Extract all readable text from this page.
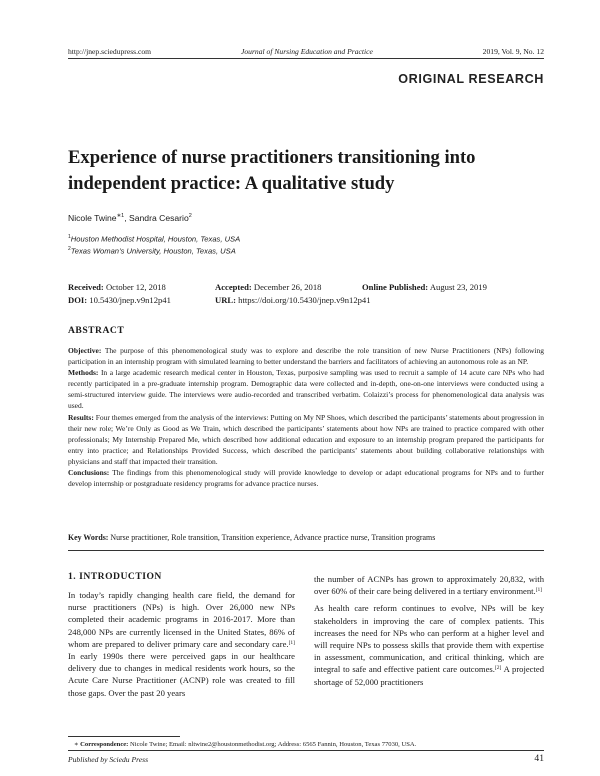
http://jnep.sciedupress.com	Journal of Nursing Education and Practice	2019, Vol. 9, No. 12
ORIGINAL RESEARCH
Experience of nurse practitioners transitioning into independent practice: A qualitative study
Nicole Twine$^{∗1}$, Sandra Cesario$^2$
$^1$Houston Methodist Hospital, Houston, Texas, USA
$^2$Texas Woman’s University, Houston, Texas, USA
Received: October 12, 2018	Accepted: December 26, 2018	Online Published: August 23, 2019
DOI: 10.5430/jnep.v9n12p41	URL: https://doi.org/10.5430/jnep.v9n12p41
ABSTRACT

Objective: The purpose of this phenomenological study was to explore and describe the role transition of new Nurse Practitioners (NPs) following participation in an internship program with simulated learning to better understand the barriers and facilitators of achieving an autonomous role as an NP.

Methods: In a large academic research medical center in Houston, Texas, purposive sampling was used to recruit a sample of 14 acute care NPs who had recently participated in a pre-graduate internship program. Demographic data were collected and in-depth, one-on-one interviews were conducted using a semi-structured interview guide. The interviews were audio-recorded and transcribed verbatim. Colaizzi’s process for phenomenological data analysis was used.

Results: Four themes emerged from the analysis of the interviews: Putting on My NP Shoes, which described the participants’ statements about progression in their new role; We’re Only as Good as We Train, which described the participants’ statements about how NPs are trained to practice compared with other professionals; My Internship Prepared Me, which described how additional education and exposure to an internship program prepared the participants for entry into practice; and Relationships Provided Success, which described the participants’ statements about building collaborative relationships with physicians and staff that impacted their transition.

Conclusions: The findings from this phenomenological study will provide knowledge to develop or adapt educational programs for NPs and to further develop internship or postgraduate residency programs for advance practice nurses.

Key Words: Nurse practitioner, Role transition, Transition experience, Advance practice nurse, Transition programs
1. INTRODUCTION

In today’s rapidly changing health care field, the demand for nurse practitioners (NPs) is high. Over 26,000 new NPs completed their academic programs in 2016-2017. More than 248,000 NPs are currently licensed in the United States, 86% of whom are prepared to deliver primary care and secondary care.[1] In early 1990s there were perceived gaps in our healthcare delivery due to changes in medical residents work hours, so the Acute Care Nurse Practitioner (ACNP) role was created to fill those gaps. Over the past 20 years

the number of ACNPs has grown to approximately 20,832, with over 60% of their care being delivered in a tertiary environment.[1]

As health care reform continues to evolve, NPs will be key stakeholders in improving the care of complex patients. This increases the need for NPs who can perform at a higher level and will require NPs to possess skills that provide them with expertise in assessment, communication, and critical thinking, which are integral to safe and effective patient care outcomes.[2] A projected shortage of 52,000 practitioners

∗ Correspondence: Nicole Twine; Email: nltwine2@houstonmethodist.org; Address: 6565 Fannin, Houston, Texas 77030, USA.
Published by Sciedu Press	41
